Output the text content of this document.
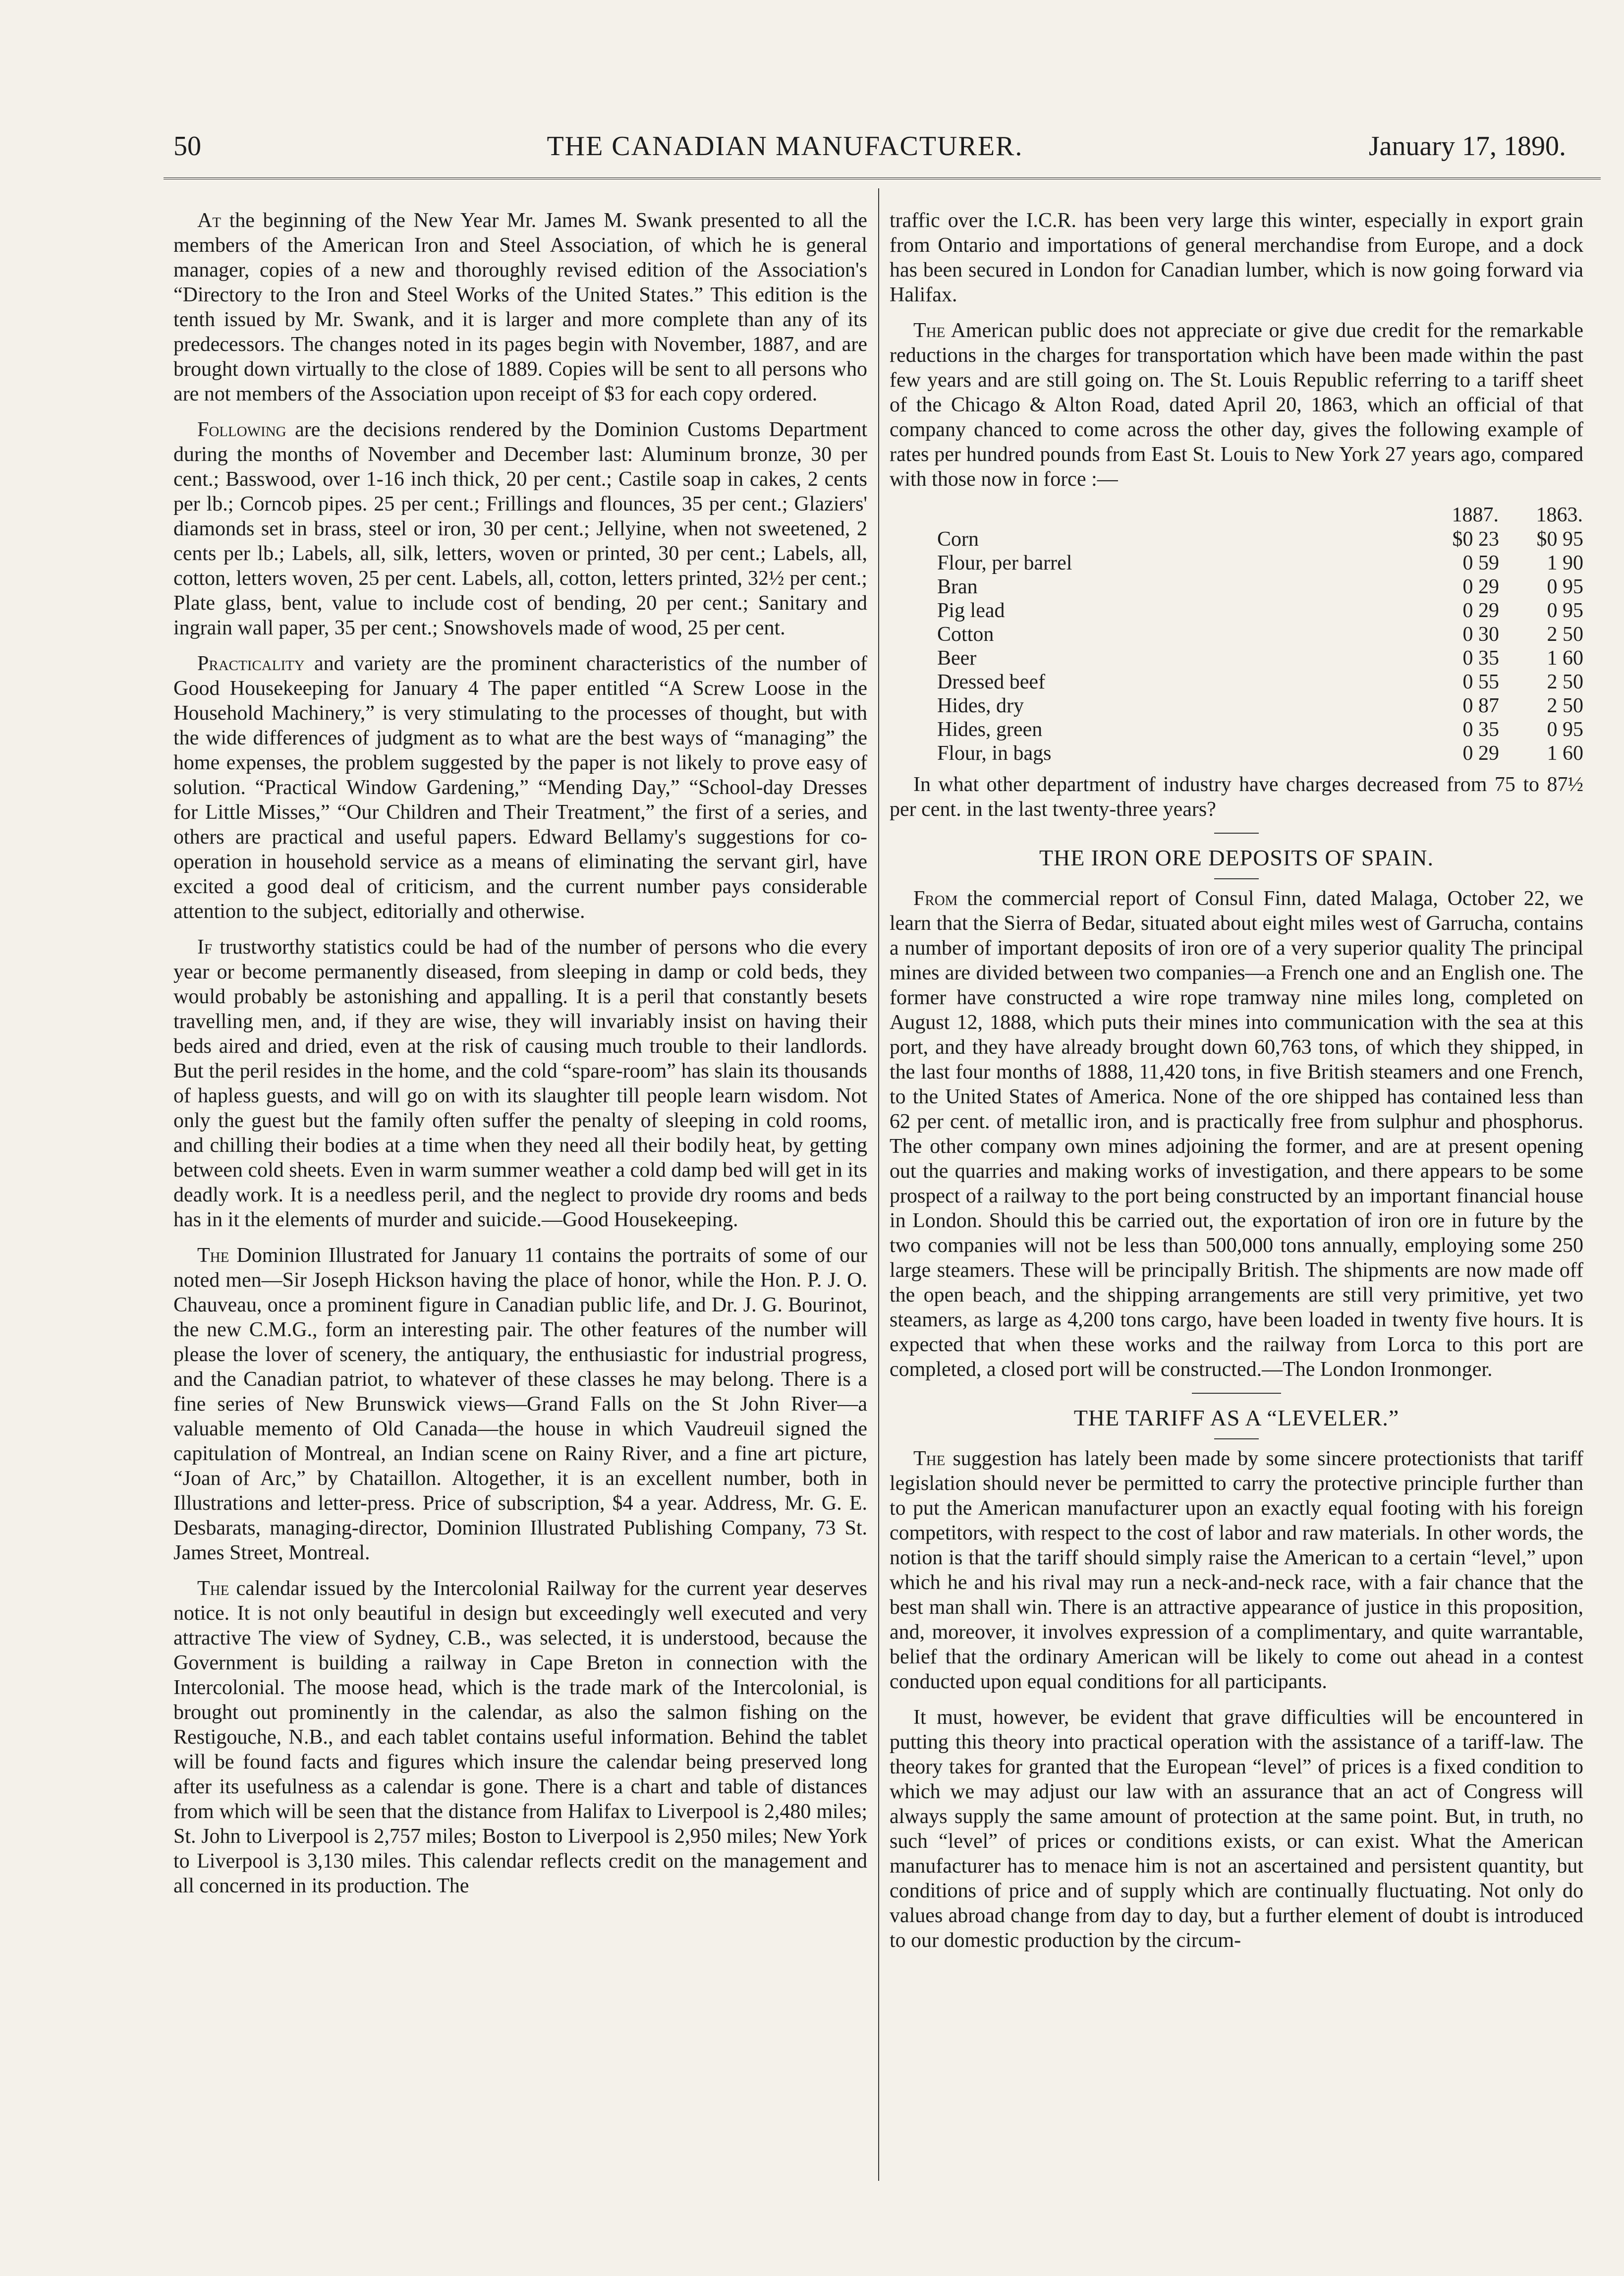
50	THE CANADIAN MANUFACTURER.	January 17, 1890.

At the beginning of the New Year Mr. James M. Swank presented to all the members of the American Iron and Steel Association, of which he is general manager, copies of a new and thoroughly revised edition of the Association's “Directory to the Iron and Steel Works of the United States.” This edition is the tenth issued by Mr. Swank, and it is larger and more complete than any of its predecessors. The changes noted in its pages begin with November, 1887, and are brought down virtually to the close of 1889. Copies will be sent to all persons who are not members of the Association upon receipt of $3 for each copy ordered.

Following are the decisions rendered by the Dominion Customs Department during the months of November and December last: Aluminum bronze, 30 per cent.; Basswood, over 1-16 inch thick, 20 per cent.; Castile soap in cakes, 2 cents per lb.; Corncob pipes. 25 per cent.; Frillings and flounces, 35 per cent.; Glaziers' diamonds set in brass, steel or iron, 30 per cent.; Jellyine, when not sweetened, 2 cents per lb.; Labels, all, silk, letters, woven or printed, 30 per cent.; Labels, all, cotton, letters woven, 25 per cent. Labels, all, cotton, letters printed, 32½ per cent.; Plate glass, bent, value to include cost of bending, 20 per cent.; Sanitary and ingrain wall paper, 35 per cent.; Snowshovels made of wood, 25 per cent.

Practicality and variety are the prominent characteristics of the number of Good Housekeeping for January 4 The paper entitled “A Screw Loose in the Household Machinery,” is very stimulating to the processes of thought, but with the wide differences of judgment as to what are the best ways of “managing” the home expenses, the problem suggested by the paper is not likely to prove easy of solution. “Practical Window Gardening,” “Mending Day,” “School-day Dresses for Little Misses,” “Our Children and Their Treatment,” the first of a series, and others are practical and useful papers. Edward Bellamy's suggestions for co-operation in household service as a means of eliminating the servant girl, have excited a good deal of criticism, and the current number pays considerable attention to the subject, editorially and otherwise.

If trustworthy statistics could be had of the number of persons who die every year or become permanently diseased, from sleeping in damp or cold beds, they would probably be astonishing and appalling. It is a peril that constantly besets travelling men, and, if they are wise, they will invariably insist on having their beds aired and dried, even at the risk of causing much trouble to their landlords. But the peril resides in the home, and the cold “spare-room” has slain its thousands of hapless guests, and will go on with its slaughter till people learn wisdom. Not only the guest but the family often suffer the penalty of sleeping in cold rooms, and chilling their bodies at a time when they need all their bodily heat, by getting between cold sheets. Even in warm summer weather a cold damp bed will get in its deadly work. It is a needless peril, and the neglect to provide dry rooms and beds has in it the elements of murder and suicide.—Good Housekeeping.

The Dominion Illustrated for January 11 contains the portraits of some of our noted men—Sir Joseph Hickson having the place of honor, while the Hon. P. J. O. Chauveau, once a prominent figure in Canadian public life, and Dr. J. G. Bourinot, the new C.M.G., form an interesting pair. The other features of the number will please the lover of scenery, the antiquary, the enthusiastic for industrial progress, and the Canadian patriot, to whatever of these classes he may belong. There is a fine series of New Brunswick views—Grand Falls on the St John River—a valuable memento of Old Canada—the house in which Vaudreuil signed the capitulation of Montreal, an Indian scene on Rainy River, and a fine art picture, “Joan of Arc,” by Chataillon. Altogether, it is an excellent number, both in Illustrations and letter-press. Price of subscription, $4 a year. Address, Mr. G. E. Desbarats, managing-director, Dominion Illustrated Publishing Company, 73 St. James Street, Montreal.

The calendar issued by the Intercolonial Railway for the current year deserves notice. It is not only beautiful in design but exceedingly well executed and very attractive The view of Sydney, C.B., was selected, it is understood, because the Government is building a railway in Cape Breton in connection with the Intercolonial. The moose head, which is the trade mark of the Intercolonial, is brought out prominently in the calendar, as also the salmon fishing on the Restigouche, N.B., and each tablet contains useful information. Behind the tablet will be found facts and figures which insure the calendar being preserved long after its usefulness as a calendar is gone. There is a chart and table of distances from which will be seen that the distance from Halifax to Liverpool is 2,480 miles; St. John to Liverpool is 2,757 miles; Boston to Liverpool is 2,950 miles; New York to Liverpool is 3,130 miles. This calendar reflects credit on the management and all concerned in its production. The

traffic over the I.C.R. has been very large this winter, especially in export grain from Ontario and importations of general merchandise from Europe, and a dock has been secured in London for Canadian lumber, which is now going forward via Halifax.

The American public does not appreciate or give due credit for the remarkable reductions in the charges for transportation which have been made within the past few years and are still going on. The St. Louis Republic referring to a tariff sheet of the Chicago & Alton Road, dated April 20, 1863, which an official of that company chanced to come across the other day, gives the following example of rates per hundred pounds from East St. Louis to New York 27 years ago, compared with those now in force :—

	1887.	1863.
Corn	$0 23	$0 95
Flour, per barrel	0 59	1 90
Bran	0 29	0 95
Pig lead	0 29	0 95
Cotton	0 30	2 50
Beer	0 35	1 60
Dressed beef	0 55	2 50
Hides, dry	0 87	2 50
Hides, green	0 35	0 95
Flour, in bags	0 29	1 60

In what other department of industry have charges decreased from 75 to 87½ per cent. in the last twenty-three years?

THE IRON ORE DEPOSITS OF SPAIN.

From the commercial report of Consul Finn, dated Malaga, October 22, we learn that the Sierra of Bedar, situated about eight miles west of Garrucha, contains a number of important deposits of iron ore of a very superior quality The principal mines are divided between two companies—a French one and an English one. The former have constructed a wire rope tramway nine miles long, completed on August 12, 1888, which puts their mines into communication with the sea at this port, and they have already brought down 60,763 tons, of which they shipped, in the last four months of 1888, 11,420 tons, in five British steamers and one French, to the United States of America. None of the ore shipped has contained less than 62 per cent. of metallic iron, and is practically free from sulphur and phosphorus. The other company own mines adjoining the former, and are at present opening out the quarries and making works of investigation, and there appears to be some prospect of a railway to the port being constructed by an important financial house in London. Should this be carried out, the exportation of iron ore in future by the two companies will not be less than 500,000 tons annually, employing some 250 large steamers. These will be principally British. The shipments are now made off the open beach, and the shipping arrangements are still very primitive, yet two steamers, as large as 4,200 tons cargo, have been loaded in twenty five hours. It is expected that when these works and the railway from Lorca to this port are completed, a closed port will be constructed.—The London Ironmonger.

THE TARIFF AS A “LEVELER.”

The suggestion has lately been made by some sincere protectionists that tariff legislation should never be permitted to carry the protective principle further than to put the American manufacturer upon an exactly equal footing with his foreign competitors, with respect to the cost of labor and raw materials. In other words, the notion is that the tariff should simply raise the American to a certain “level,” upon which he and his rival may run a neck-and-neck race, with a fair chance that the best man shall win. There is an attractive appearance of justice in this proposition, and, moreover, it involves expression of a complimentary, and quite warrantable, belief that the ordinary American will be likely to come out ahead in a contest conducted upon equal conditions for all participants.

It must, however, be evident that grave difficulties will be encountered in putting this theory into practical operation with the assistance of a tariff-law. The theory takes for granted that the European “level” of prices is a fixed condition to which we may adjust our law with an assurance that an act of Congress will always supply the same amount of protection at the same point. But, in truth, no such “level” of prices or conditions exists, or can exist. What the American manufacturer has to menace him is not an ascertained and persistent quantity, but conditions of price and of supply which are continually fluctuating. Not only do values abroad change from day to day, but a further element of doubt is introduced to our domestic production by the circum-
